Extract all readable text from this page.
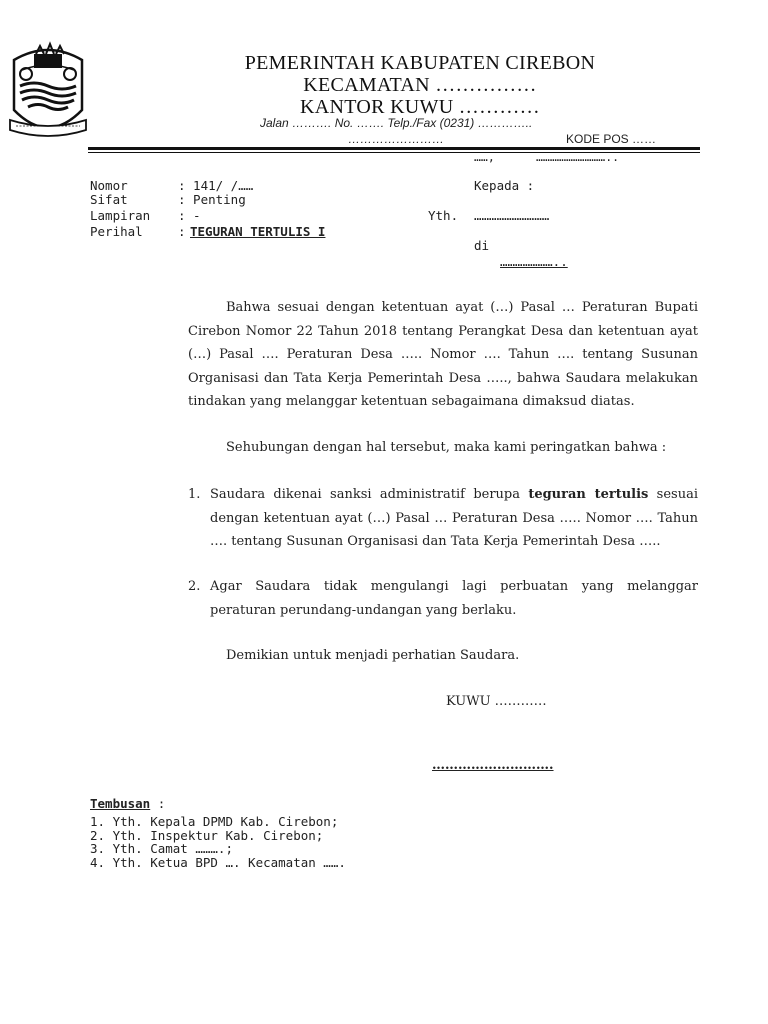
PEMERINTAH KABUPATEN CIREBON
KECAMATAN ……………
KANTOR KUWU …………
Jalan ………. No. ……. Telp./Fax (0231) …………..
……………………	KODE POS ……
……,	…………………………..
Nomor	: 141/ /……
Sifat	: Penting
Lampiran : -
Perihal	: TEGURAN TERTULIS I
Kepada :
Yth. …………………………
di
…………………..
Bahwa sesuai dengan ketentuan ayat (…) Pasal … Peraturan Bupati Cirebon Nomor 22 Tahun 2018 tentang Perangkat Desa dan ketentuan ayat (…) Pasal …. Peraturan Desa ….. Nomor …. Tahun …. tentang Susunan Organisasi dan Tata Kerja Pemerintah Desa ….., bahwa Saudara melakukan tindakan yang melanggar ketentuan sebagaimana dimaksud diatas.
Sehubungan dengan hal tersebut, maka kami peringatkan bahwa :
1. Saudara dikenai sanksi administratif berupa teguran tertulis sesuai dengan ketentuan ayat (…) Pasal … Peraturan Desa ….. Nomor …. Tahun …. tentang Susunan Organisasi dan Tata Kerja Pemerintah Desa …..
2. Agar Saudara tidak mengulangi lagi perbuatan yang melanggar peraturan perundang-undangan yang berlaku.
Demikian untuk menjadi perhatian Saudara.
KUWU …………
……………………….
Tembusan :
1. Yth. Kepala DPMD Kab. Cirebon;
2. Yth. Inspektur Kab. Cirebon;
3. Yth. Camat ……….;
4. Yth. Ketua BPD …. Kecamatan …….
